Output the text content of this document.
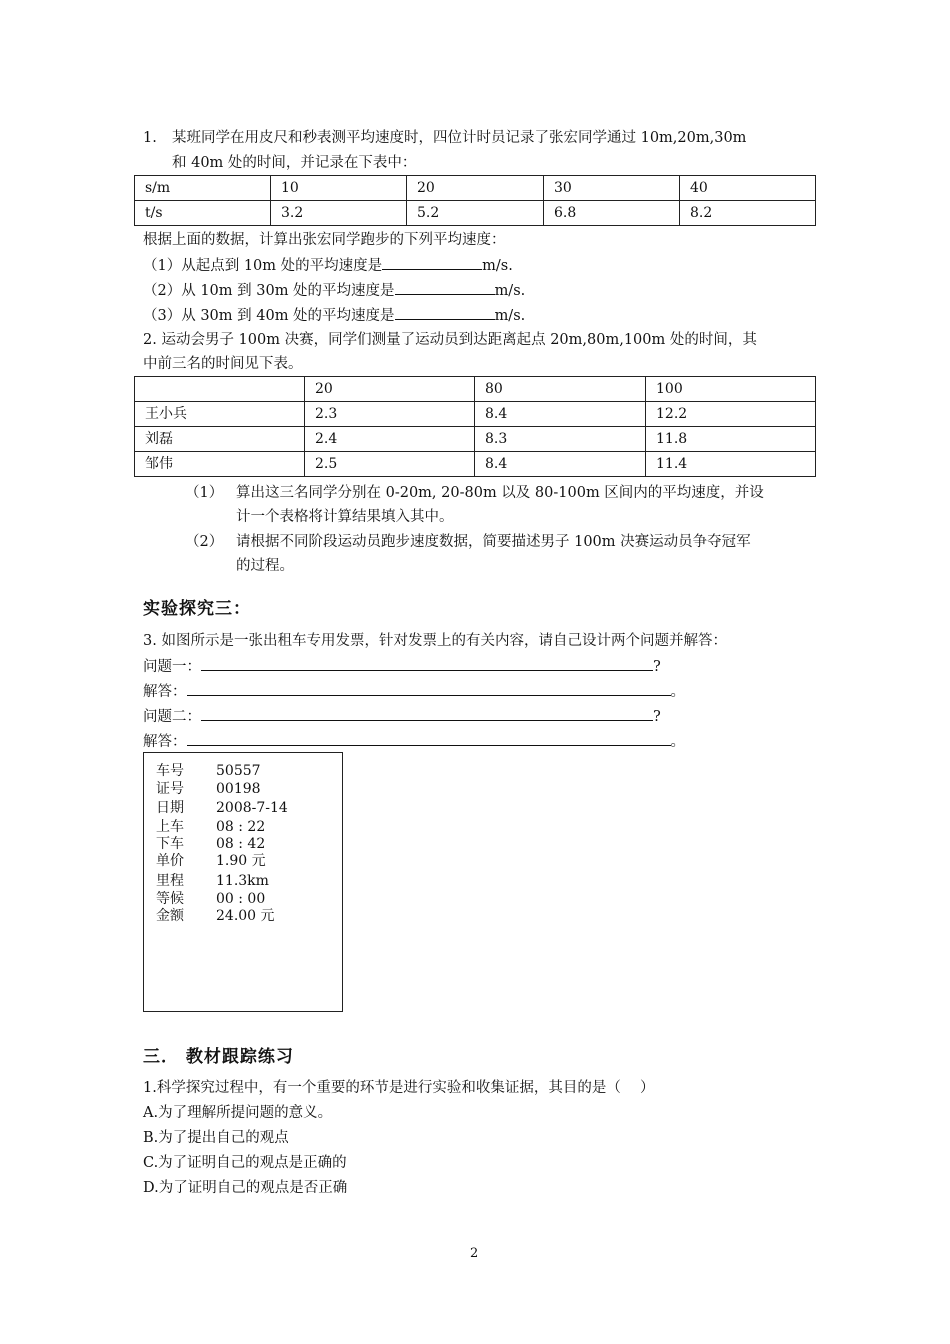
1. 某班同学在用皮尺和秒表测平均速度时，四位计时员记录了张宏同学通过 10m,20m,30m
和 40m 处的时间，并记录在下表中：
s/m	10	20	30	40
t/s	3.2	5.2	6.8	8.2
根据上面的数据，计算出张宏同学跑步的下列平均速度：
（1）从起点到 10m 处的平均速度是	m/s.
（2）从 10m 到 30m 处的平均速度是	m/s.
（3）从 30m 到 40m 处的平均速度是	m/s.
2. 运动会男子 100m 决赛，同学们测量了运动员到达距离起点 20m,80m,100m 处的时间，其
中前三名的时间见下表。
	20	80	100
王小兵	2.3	8.4	12.2
刘磊	2.4	8.3	11.8
邹伟	2.5	8.4	11.4
（1） 算出这三名同学分别在 0-20m, 20-80m 以及 80-100m 区间内的平均速度，并设
计一个表格将计算结果填入其中。
（2） 请根据不同阶段运动员跑步速度数据，简要描述男子 100m 决赛运动员争夺冠军
的过程。
实验探究三：
3. 如图所示是一张出租车专用发票，针对发票上的有关内容，请自己设计两个问题并解答：
问题一：	?
解答：	。
问题二：	?
解答：	。
车号 50557
证号 00198
日期 2008-7-14
上车 08 : 22
下车 08 : 42
单价 1.90 元
里程 11.3km
等候 00 : 00
金额 24.00 元
三． 教材跟踪练习
1.科学探究过程中，有一个重要的环节是进行实验和收集证据，其目的是（　 ）
A.为了理解所提问题的意义。
B.为了提出自己的观点
C.为了证明自己的观点是正确的
D.为了证明自己的观点是否正确
2
